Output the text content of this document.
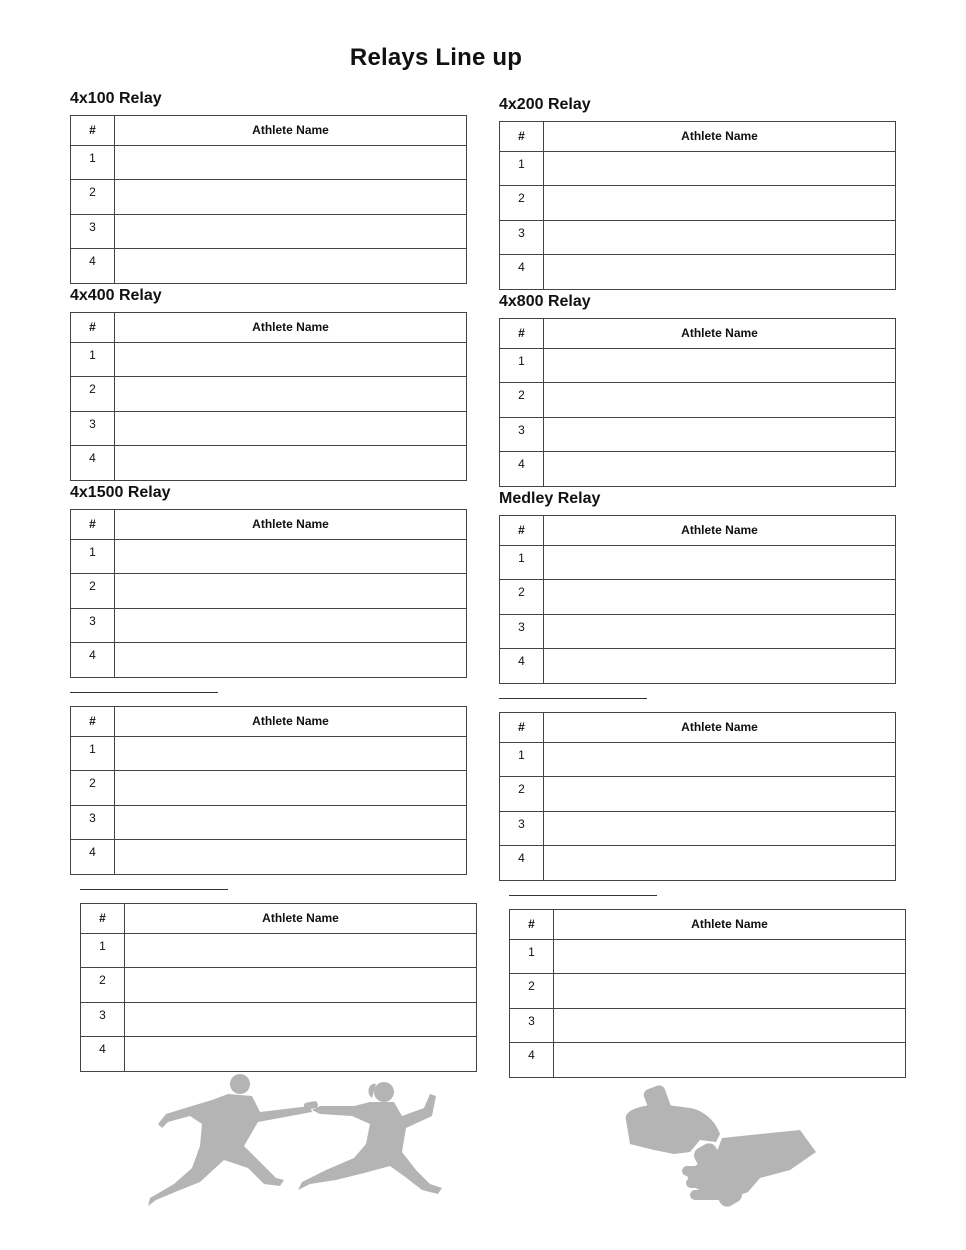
Relays Line up
4x100 Relay
#	Athlete Name
1	
2	
3	
4	
4x200 Relay
#	Athlete Name
1	
2	
3	
4	
4x400 Relay
#	Athlete Name
1	
2	
3	
4	
4x800 Relay
#	Athlete Name
1	
2	
3	
4	
4x1500 Relay
#	Athlete Name
1	
2	
3	
4	
Medley Relay
#	Athlete Name
1	
2	
3	
4	
#	Athlete Name
1	
2	
3	
4	
#	Athlete Name
1	
2	
3	
4	
#	Athlete Name
1	
2	
3	
4	
#	Athlete Name
1	
2	
3	
4	
